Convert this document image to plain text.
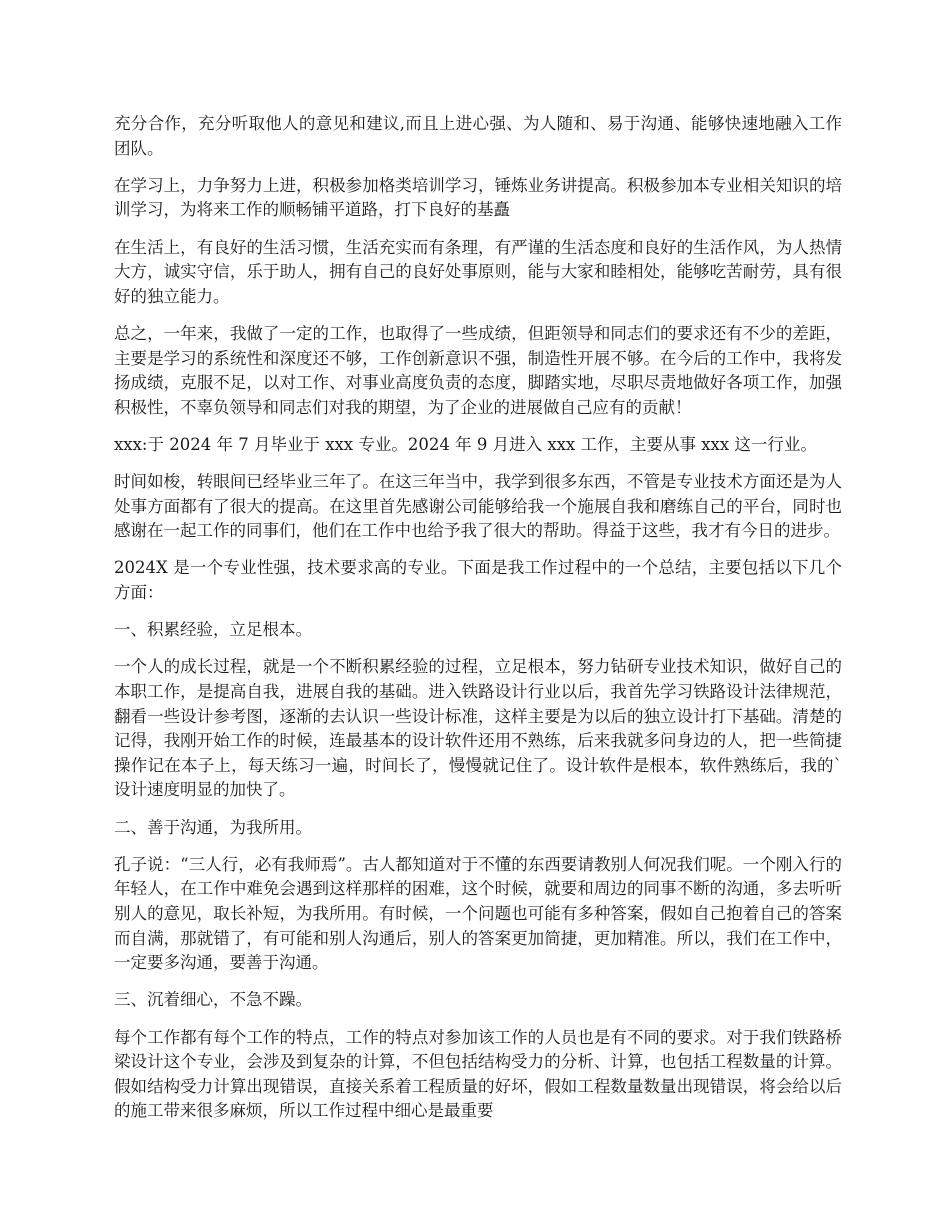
充分合作，充分听取他人的意见和建议,而且上进心强、为人随和、易于沟通、能够快速地融入工作团队。

在学习上，力争努力上进，积极参加格类培训学习，锤炼业务讲提高。积极参加本专业相关知识的培训学习，为将来工作的顺畅铺平道路，打下良好的基矗

在生活上，有良好的生活习惯，生活充实而有条理，有严谨的生活态度和良好的生活作风，为人热情大方，诚实守信，乐于助人，拥有自己的良好处事原则，能与大家和睦相处，能够吃苦耐劳，具有很好的独立能力。

总之，一年来，我做了一定的工作，也取得了一些成绩，但距领导和同志们的要求还有不少的差距，主要是学习的系统性和深度还不够，工作创新意识不强，制造性开展不够。在今后的工作中，我将发扬成绩，克服不足，以对工作、对事业高度负责的态度，脚踏实地，尽职尽责地做好各项工作，加强积极性，不辜负领导和同志们对我的期望，为了企业的进展做自己应有的贡献！

xxx:于 2024 年 7 月毕业于 xxx 专业。2024 年 9 月进入 xxx 工作，主要从事 xxx 这一行业。

时间如梭，转眼间已经毕业三年了。在这三年当中，我学到很多东西，不管是专业技术方面还是为人处事方面都有了很大的提高。在这里首先感谢公司能够给我一个施展自我和磨练自己的平台，同时也感谢在一起工作的同事们，他们在工作中也给予我了很大的帮助。得益于这些，我才有今日的进步。

2024X 是一个专业性强，技术要求高的专业。下面是我工作过程中的一个总结，主要包括以下几个方面：

一、积累经验，立足根本。

一个人的成长过程，就是一个不断积累经验的过程，立足根本，努力钻研专业技术知识，做好自己的本职工作，是提高自我，进展自我的基础。进入铁路设计行业以后，我首先学习铁路设计法律规范，翻看一些设计参考图，逐渐的去认识一些设计标准，这样主要是为以后的独立设计打下基础。清楚的记得，我刚开始工作的时候，连最基本的设计软件还用不熟练，后来我就多问身边的人，把一些简捷操作记在本子上，每天练习一遍，时间长了，慢慢就记住了。设计软件是根本，软件熟练后，我的`设计速度明显的加快了。

二、善于沟通，为我所用。

孔子说：“三人行，必有我师焉”。古人都知道对于不懂的东西要请教别人何况我们呢。一个刚入行的年轻人，在工作中难免会遇到这样那样的困难，这个时候，就要和周边的同事不断的沟通，多去听听别人的意见，取长补短，为我所用。有时候，一个问题也可能有多种答案，假如自己抱着自己的答案而自满，那就错了，有可能和别人沟通后，别人的答案更加简捷，更加精准。所以，我们在工作中，一定要多沟通，要善于沟通。

三、沉着细心，不急不躁。

每个工作都有每个工作的特点，工作的特点对参加该工作的人员也是有不同的要求。对于我们铁路桥梁设计这个专业，会涉及到复杂的计算，不但包括结构受力的分析、计算，也包括工程数量的计算。假如结构受力计算出现错误，直接关系着工程质量的好坏，假如工程数量数量出现错误，将会给以后的施工带来很多麻烦，所以工作过程中细心是最重要
